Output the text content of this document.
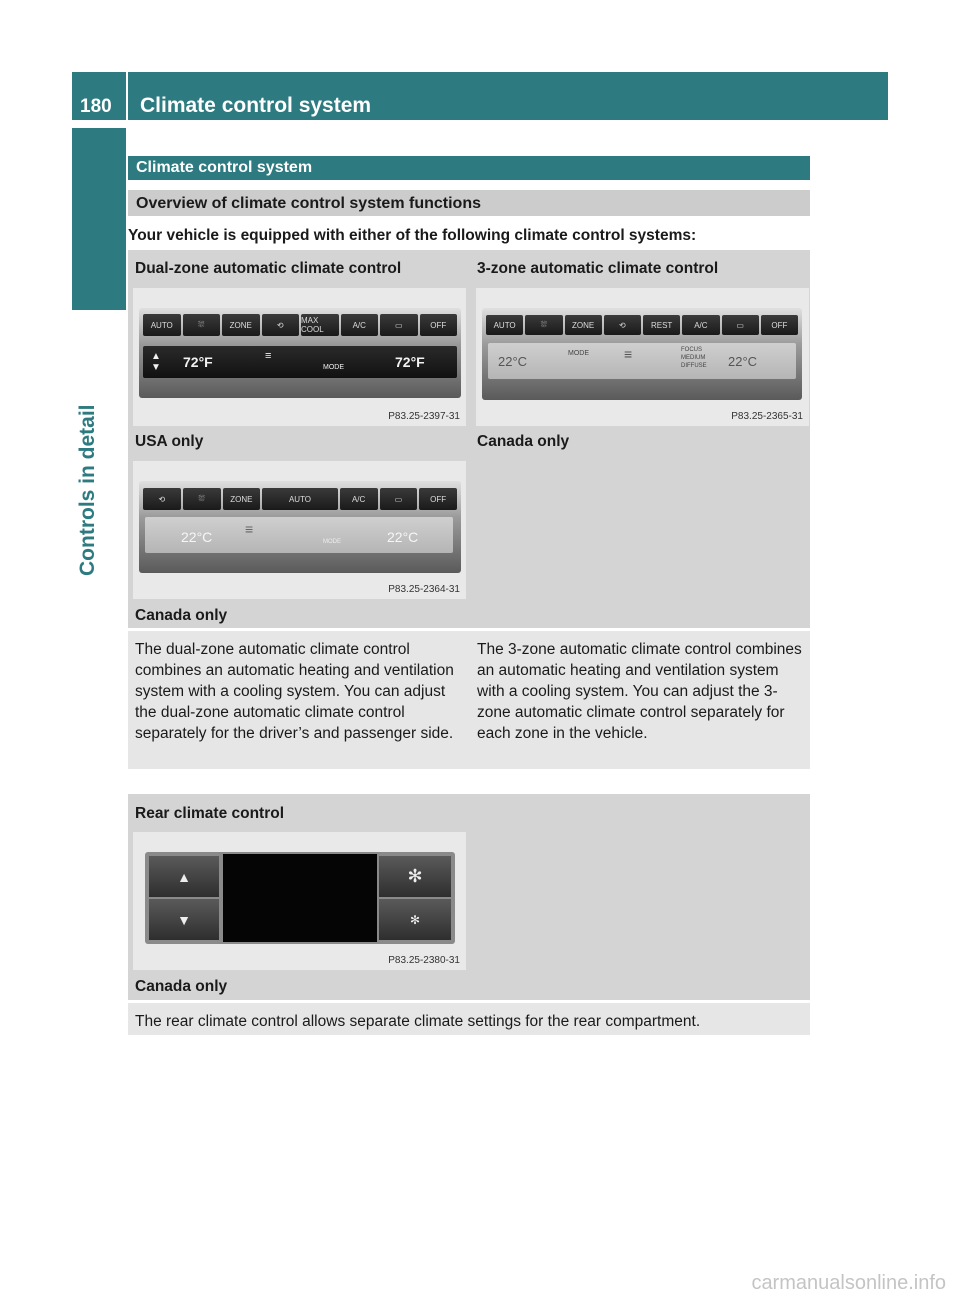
180 Climate control system
Controls in detail
Climate control system
Overview of climate control system functions
Your vehicle is equipped with either of the following climate control systems:
Dual-zone automatic climate control	3-zone automatic climate control
AUTO	⛆	ZONE	⟲	MAX COOL	A/C	▭	OFF
▲
▼ 72°F	≡
MODE	72°F
P83.25-2397-31
AUTO	⛆	ZONE	⟲	REST	A/C	▭	OFF
22°C
MODE	≡	FOCUS
MEDIUM
DIFFUSE 22°C
P83.25-2365-31
USA only	Canada only
⟲	⛆	ZONE	AUTO	A/C	▭	OFF
22°C ≡
MODE	22°C
P83.25-2364-31
Canada only
The dual-zone automatic climate control combines an automatic heating and ventilation system with a cooling system. You can adjust the dual-zone automatic climate control separately for the driver’s and passenger side.
The 3-zone automatic climate control combines an automatic heating and ventilation system with a cooling system. You can adjust the 3-zone automatic climate control separately for each zone in the vehicle.
Rear climate control
▲
▼
✻
✻
P83.25-2380-31
Canada only
The rear climate control allows separate climate settings for the rear compartment.
carmanualsonline.info
